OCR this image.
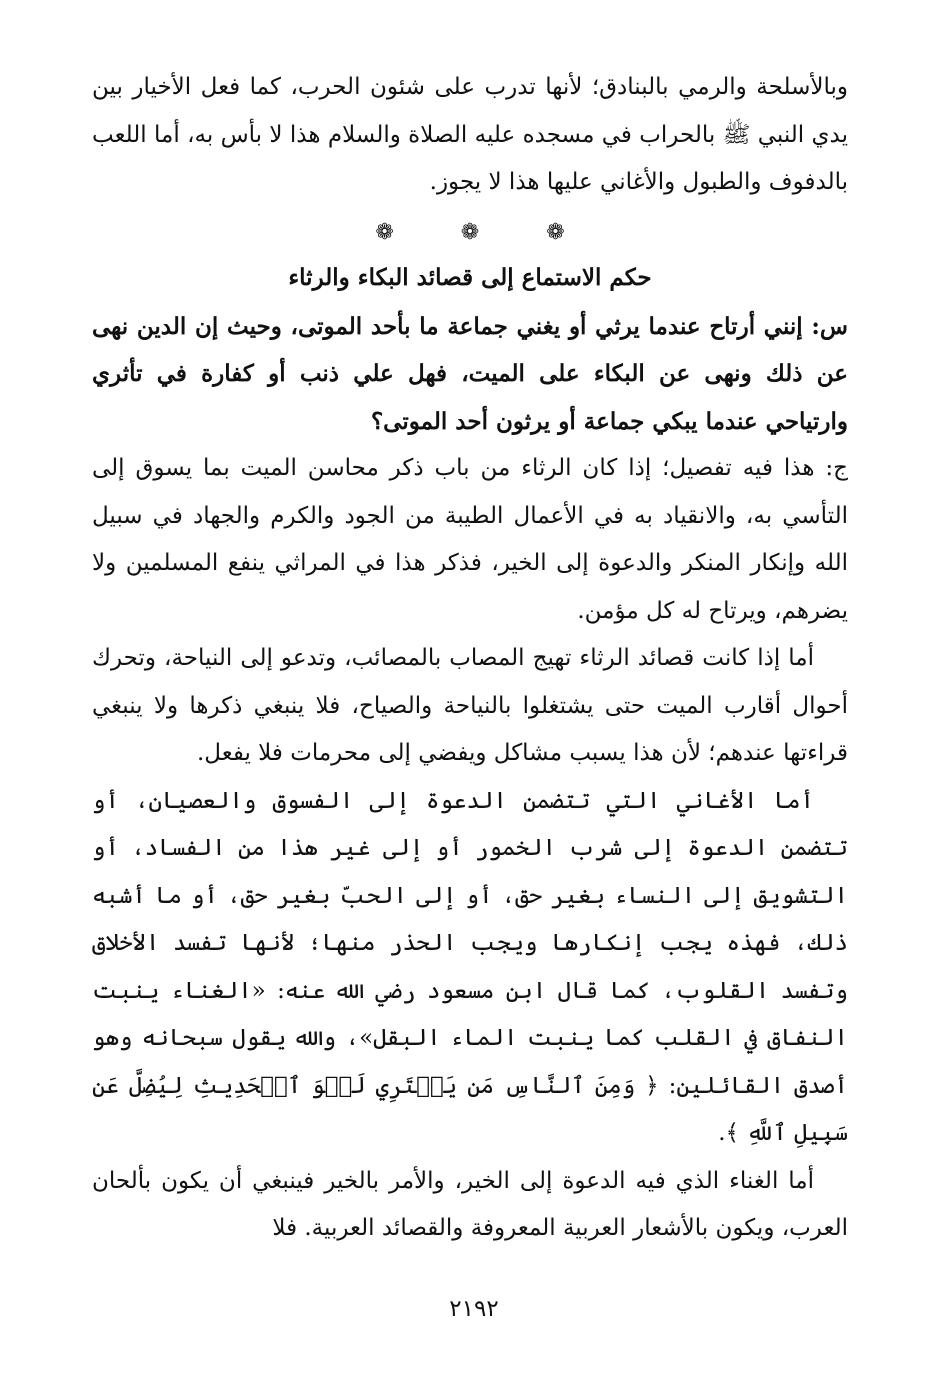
وبالأسلحة والرمي بالبنادق؛ لأنها تدرب على شئون الحرب، كما فعل الأخيار بين يدي النبي ﷺ بالحراب في مسجده عليه الصلاة والسلام هذا لا بأس به، أما اللعب بالدفوف والطبول والأغاني عليها هذا لا يجوز.

❁ ❁ ❁
حكم الاستماع إلى قصائد البكاء والرثاء

س: إنني أرتاح عندما يرثي أو يغني جماعة ما بأحد الموتى، وحيث إن الدين نهى عن ذلك ونهى عن البكاء على الميت، فهل علي ذنب أو كفارة في تأثري وارتياحي عندما يبكي جماعة أو يرثون أحد الموتى؟

ج: هذا فيه تفصيل؛ إذا كان الرثاء من باب ذكر محاسن الميت بما يسوق إلى التأسي به، والانقياد به في الأعمال الطيبة من الجود والكرم والجهاد في سبيل الله وإنكار المنكر والدعوة إلى الخير، فذكر هذا في المراثي ينفع المسلمين ولا يضرهم، ويرتاح له كل مؤمن.

أما إذا كانت قصائد الرثاء تهيج المصاب بالمصائب، وتدعو إلى النياحة، وتحرك أحوال أقارب الميت حتى يشتغلوا بالنياحة والصياح، فلا ينبغي ذكرها ولا ينبغي قراءتها عندهم؛ لأن هذا يسبب مشاكل ويفضي إلى محرمات فلا يفعل.

أما الأغاني التي تتضمن الدعوة إلى الفسوق والعصيان، أو تتضمن الدعوة إلى شرب الخمور أو إلى غير هذا من الفساد، أو التشويق إلى النساء بغير حق، أو إلى الحبّ بغير حق، أو ما أشبه ذلك، فهذه يجب إنكارها ويجب الحذر منها؛ لأنها تفسد الأخلاق وتفسد القلوب، كما قال ابن مسعود رضي الله عنه: «الغناء ينبت النفاق في القلب كما ينبت الماء البقل»، والله يقول سبحانه وهو أصدق القائلين: ﴿ وَمِنَ ٱلنَّاسِ مَن يَشۡتَرِي لَهۡوَ ٱلۡحَدِيثِ لِيُضِلَّ عَن سَبِيلِ ٱللَّهِ ﴾.

أما الغناء الذي فيه الدعوة إلى الخير، والأمر بالخير فينبغي أن يكون بألحان العرب، ويكون بالأشعار العربية المعروفة والقصائد العربية. فلا

٢١٩٢
